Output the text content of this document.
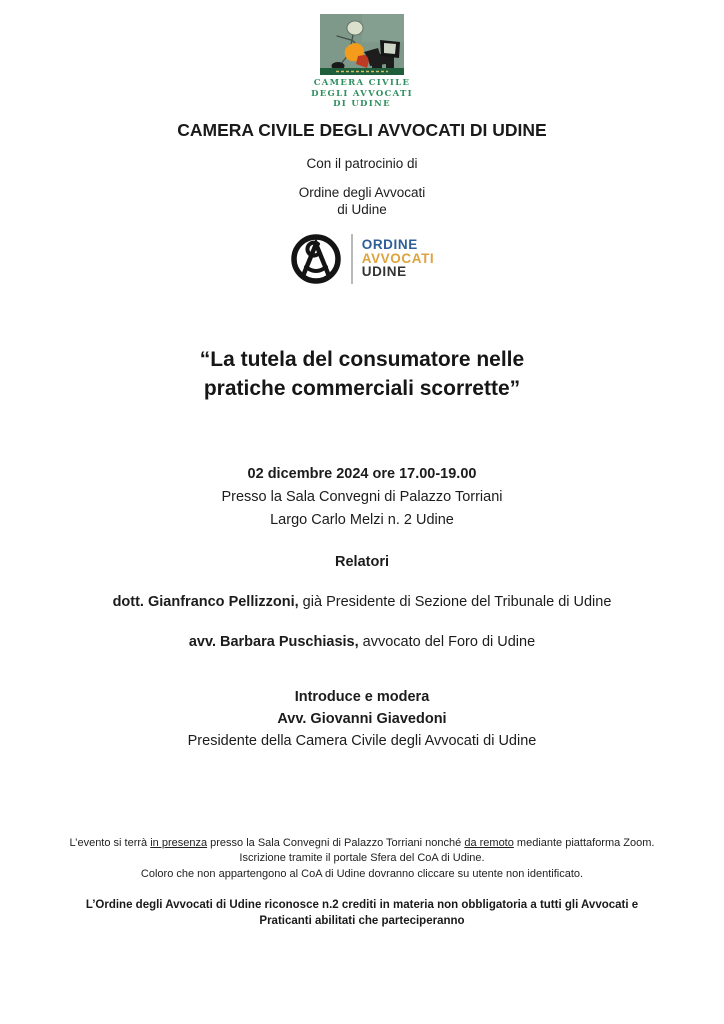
CAMERA CIVILE
DEGLI AVVOCATI
DI UDINE
CAMERA CIVILE DEGLI AVVOCATI DI UDINE
Con il patrocinio di
Ordine degli Avvocati
di Udine
ORDINE
AVVOCATI
UDINE
“La tutela del consumatore nelle
pratiche commerciali scorrette”
02 dicembre 2024 ore 17.00-19.00
Presso la Sala Convegni di Palazzo Torriani
Largo Carlo Melzi n. 2 Udine
Relatori
dott. Gianfranco Pellizzoni, già Presidente di Sezione del Tribunale di Udine
avv. Barbara Puschiasis, avvocato del Foro di Udine
Introduce e modera
Avv. Giovanni Giavedoni
Presidente della Camera Civile degli Avvocati di Udine
L’evento si terrà in presenza presso la Sala Convegni di Palazzo Torriani nonché da remoto mediante piattaforma Zoom.
Iscrizione tramite il portale Sfera del CoA di Udine.
Coloro che non appartengono al CoA di Udine dovranno cliccare su utente non identificato.
L’Ordine degli Avvocati di Udine riconosce n.2 crediti in materia non obbligatoria a tutti gli Avvocati e
Praticanti abilitati che parteciperanno
